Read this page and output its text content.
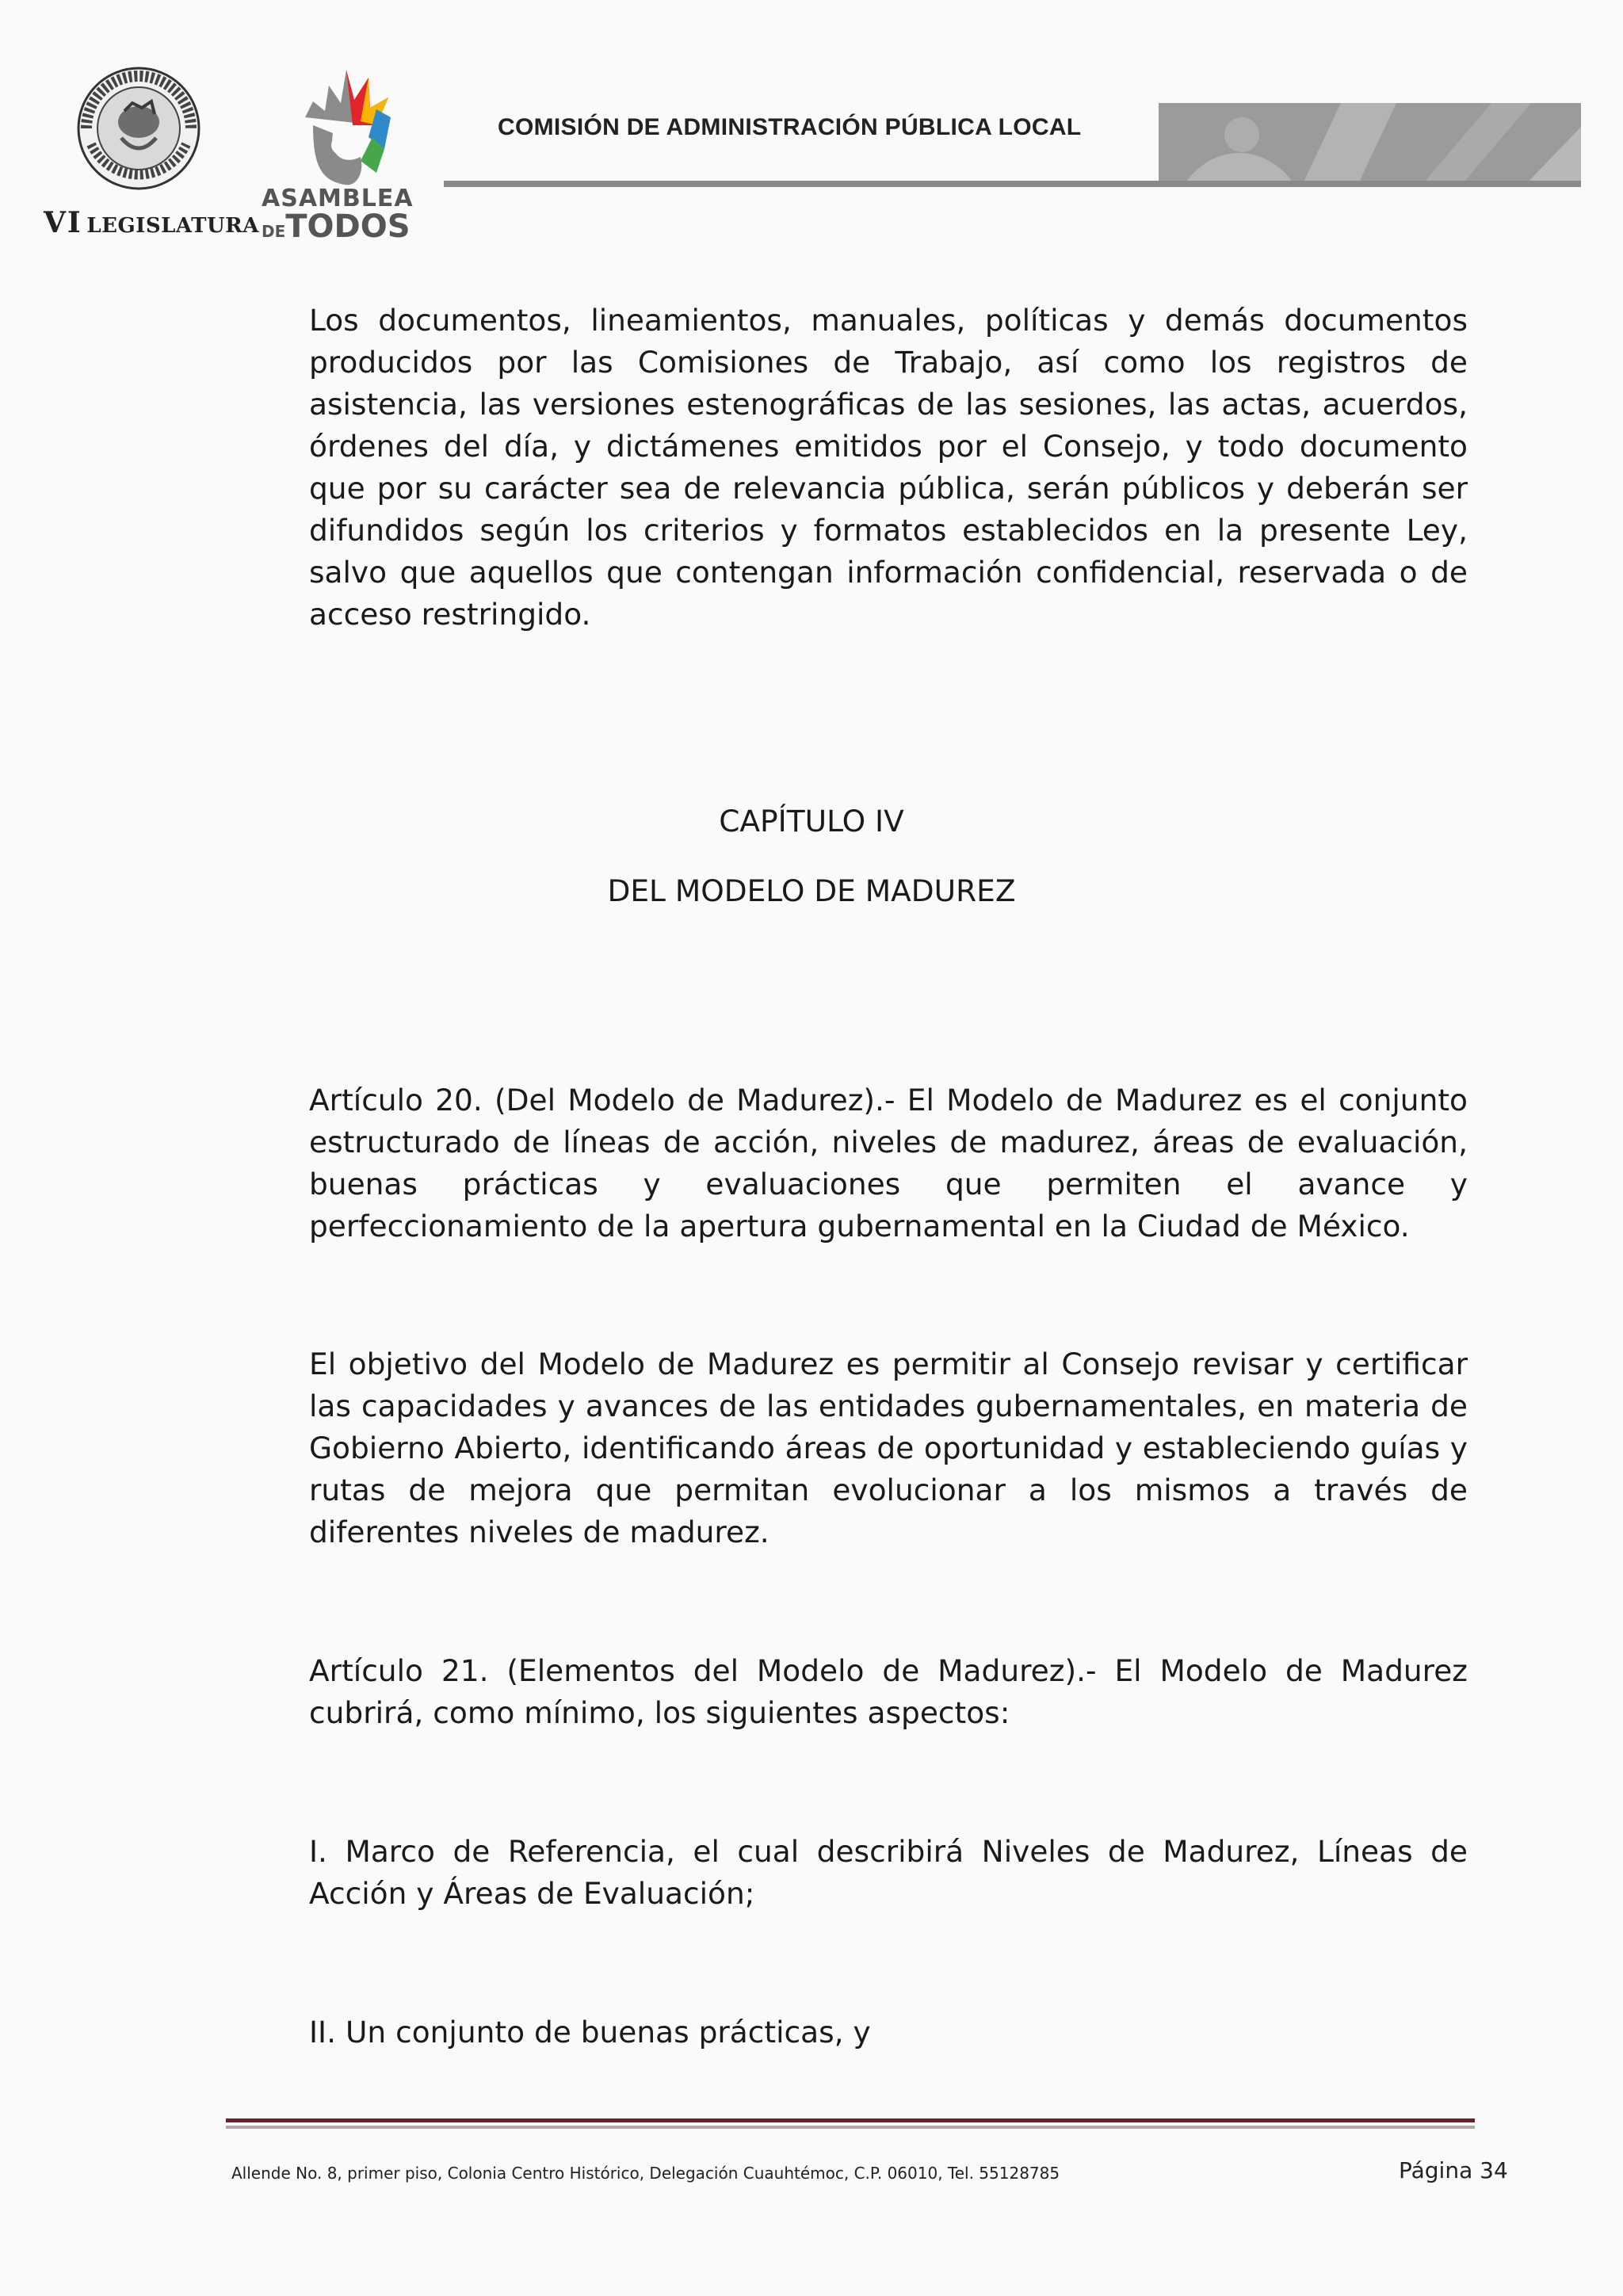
VI LEGISLATURA
ASAMBLEA
DETODOS
COMISIÓN DE ADMINISTRACIÓN PÚBLICA LOCAL

Los documentos, lineamientos, manuales, políticas y demás documentos producidos por las Comisiones de Trabajo, así como los registros de asistencia, las versiones estenográficas de las sesiones, las actas, acuerdos, órdenes del día, y dictámenes emitidos por el Consejo, y todo documento que por su carácter sea de relevancia pública, serán públicos y deberán ser difundidos según los criterios y formatos establecidos en la presente Ley, salvo que aquellos que contengan información confidencial, reservada o de acceso restringido.

CAPÍTULO IV

DEL MODELO DE MADUREZ

Artículo 20. (Del Modelo de Madurez).- El Modelo de Madurez es el conjunto estructurado de líneas de acción, niveles de madurez, áreas de evaluación, buenas prácticas y evaluaciones que permiten el avance y perfeccionamiento de la apertura gubernamental en la Ciudad de México.

El objetivo del Modelo de Madurez es permitir al Consejo revisar y certificar las capacidades y avances de las entidades gubernamentales, en materia de Gobierno Abierto, identificando áreas de oportunidad y estableciendo guías y rutas de mejora que permitan evolucionar a los mismos a través de diferentes niveles de madurez.

Artículo 21. (Elementos del Modelo de Madurez).- El Modelo de Madurez cubrirá, como mínimo, los siguientes aspectos:

I. Marco de Referencia, el cual describirá Niveles de Madurez, Líneas de Acción y Áreas de Evaluación;

II. Un conjunto de buenas prácticas, y

Allende No. 8, primer piso, Colonia Centro Histórico, Delegación Cuauhtémoc, C.P. 06010, Tel. 55128785	Página 34
